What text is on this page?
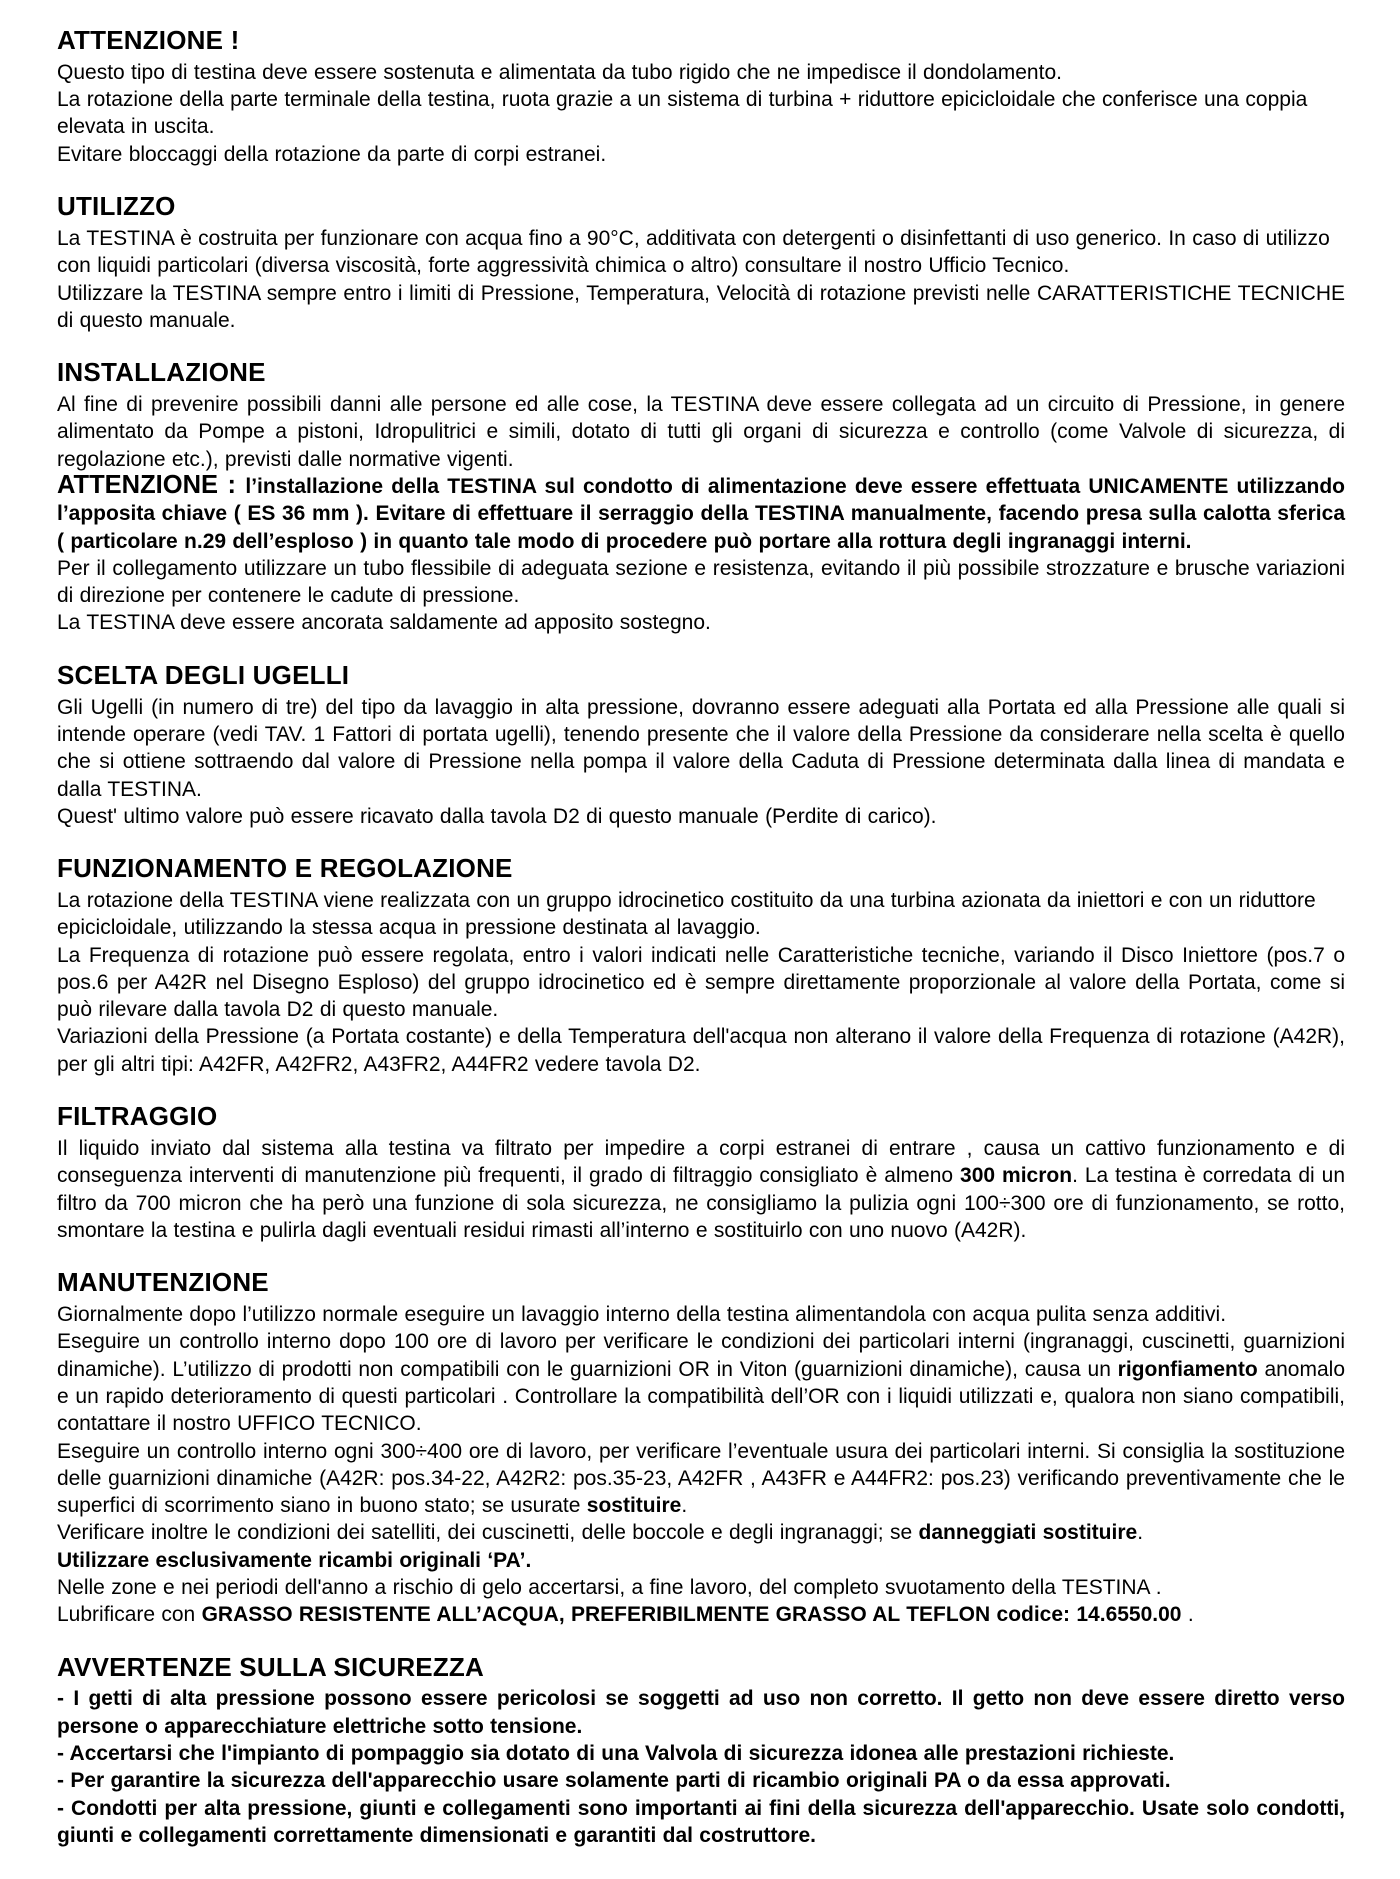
ATTENZIONE !

Questo tipo di testina deve essere sostenuta e alimentata da tubo rigido che ne impedisce il dondolamento.

La rotazione della parte terminale della testina, ruota grazie a un sistema di turbina + riduttore epicicloidale che conferisce una coppia elevata in uscita.

Evitare bloccaggi della rotazione da parte di corpi estranei.

UTILIZZO

La TESTINA è costruita per funzionare con acqua fino a 90°C, additivata con detergenti o disinfettanti di uso generico. In caso di utilizzo con liquidi particolari (diversa viscosità, forte aggressività chimica o altro) consultare il nostro Ufficio Tecnico.

Utilizzare la TESTINA sempre entro i limiti di Pressione, Temperatura, Velocità di rotazione previsti nelle CARATTERISTICHE TECNICHE di questo manuale.

INSTALLAZIONE

Al fine di prevenire possibili danni alle persone ed alle cose, la TESTINA deve essere collegata ad un circuito di Pressione, in genere alimentato da Pompe a pistoni, Idropulitrici e simili, dotato di tutti gli organi di sicurezza e controllo (come Valvole di sicurezza, di regolazione etc.), previsti dalle normative vigenti.

ATTENZIONE : l’installazione della TESTINA sul condotto di alimentazione deve essere effettuata UNICAMENTE utilizzando l’apposita chiave ( ES 36 mm ). Evitare di effettuare il serraggio della TESTINA manualmente, facendo presa sulla calotta sferica ( particolare n.29 dell’esploso ) in quanto tale modo di procedere può portare alla rottura degli ingranaggi interni.

Per il collegamento utilizzare un tubo flessibile di adeguata sezione e resistenza, evitando il più possibile strozzature e brusche variazioni di direzione per contenere le cadute di pressione.

La TESTINA deve essere ancorata saldamente ad apposito sostegno.

SCELTA DEGLI UGELLI

Gli Ugelli (in numero di tre) del tipo da lavaggio in alta pressione, dovranno essere adeguati alla Portata ed alla Pressione alle quali si intende operare (vedi TAV. 1 Fattori di portata ugelli), tenendo presente che il valore della Pressione da considerare nella scelta è quello che si ottiene sottraendo dal valore di Pressione nella pompa il valore della Caduta di Pressione determinata dalla linea di mandata e dalla TESTINA.

Quest' ultimo valore può essere ricavato dalla tavola D2 di questo manuale (Perdite di carico).

FUNZIONAMENTO E REGOLAZIONE

La rotazione della TESTINA viene realizzata con un gruppo idrocinetico costituito da una turbina azionata da iniettori e con un riduttore epicicloidale, utilizzando la stessa acqua in pressione destinata al lavaggio.

La Frequenza di rotazione può essere regolata, entro i valori indicati nelle Caratteristiche tecniche, variando il Disco Iniettore (pos.7 o pos.6 per A42R nel Disegno Esploso) del gruppo idrocinetico ed è sempre direttamente proporzionale al valore della Portata, come si può rilevare dalla tavola D2 di questo manuale.

Variazioni della Pressione (a Portata costante) e della Temperatura dell'acqua non alterano il valore della Frequenza di rotazione (A42R), per gli altri tipi: A42FR, A42FR2, A43FR2, A44FR2 vedere tavola D2.

FILTRAGGIO

Il liquido inviato dal sistema alla testina va filtrato per impedire a corpi estranei di entrare , causa un cattivo funzionamento e di conseguenza interventi di manutenzione più frequenti, il grado di filtraggio consigliato è almeno 300 micron. La testina è corredata di un filtro da 700 micron che ha però una funzione di sola sicurezza, ne consigliamo la pulizia ogni 100÷300 ore di funzionamento, se rotto, smontare la testina e pulirla dagli eventuali residui rimasti all’interno e sostituirlo con uno nuovo (A42R).

MANUTENZIONE

Giornalmente dopo l’utilizzo normale eseguire un lavaggio interno della testina alimentandola con acqua pulita senza additivi.

Eseguire un controllo interno dopo 100 ore di lavoro per verificare le condizioni dei particolari interni (ingranaggi, cuscinetti, guarnizioni dinamiche). L’utilizzo di prodotti non compatibili con le guarnizioni OR in Viton (guarnizioni dinamiche), causa un rigonfiamento anomalo e un rapido deterioramento di questi particolari . Controllare la compatibilità dell’OR con i liquidi utilizzati e, qualora non siano compatibili, contattare il nostro UFFICO TECNICO.

Eseguire un controllo interno ogni 300÷400 ore di lavoro, per verificare l’eventuale usura dei particolari interni. Si consiglia la sostituzione delle guarnizioni dinamiche (A42R: pos.34-22, A42R2: pos.35-23, A42FR , A43FR e A44FR2: pos.23) verificando preventivamente che le superfici di scorrimento siano in buono stato; se usurate sostituire.

Verificare inoltre le condizioni dei satelliti, dei cuscinetti, delle boccole e degli ingranaggi; se danneggiati sostituire.

Utilizzare esclusivamente ricambi originali ‘PA’.

Nelle zone e nei periodi dell'anno a rischio di gelo accertarsi, a fine lavoro, del completo svuotamento della TESTINA .

Lubrificare con GRASSO RESISTENTE ALL’ACQUA, PREFERIBILMENTE GRASSO AL TEFLON codice: 14.6550.00 .

AVVERTENZE SULLA SICUREZZA

- I getti di alta pressione possono essere pericolosi se soggetti ad uso non corretto. Il getto non deve essere diretto verso persone o apparecchiature elettriche sotto tensione.

- Accertarsi che l'impianto di pompaggio sia dotato di una Valvola di sicurezza idonea alle prestazioni richieste.

- Per garantire la sicurezza dell'apparecchio usare solamente parti di ricambio originali PA o da essa approvati.

- Condotti per alta pressione, giunti e collegamenti sono importanti ai fini della sicurezza dell'apparecchio. Usate solo condotti, giunti e collegamenti correttamente dimensionati e garantiti dal costruttore.
